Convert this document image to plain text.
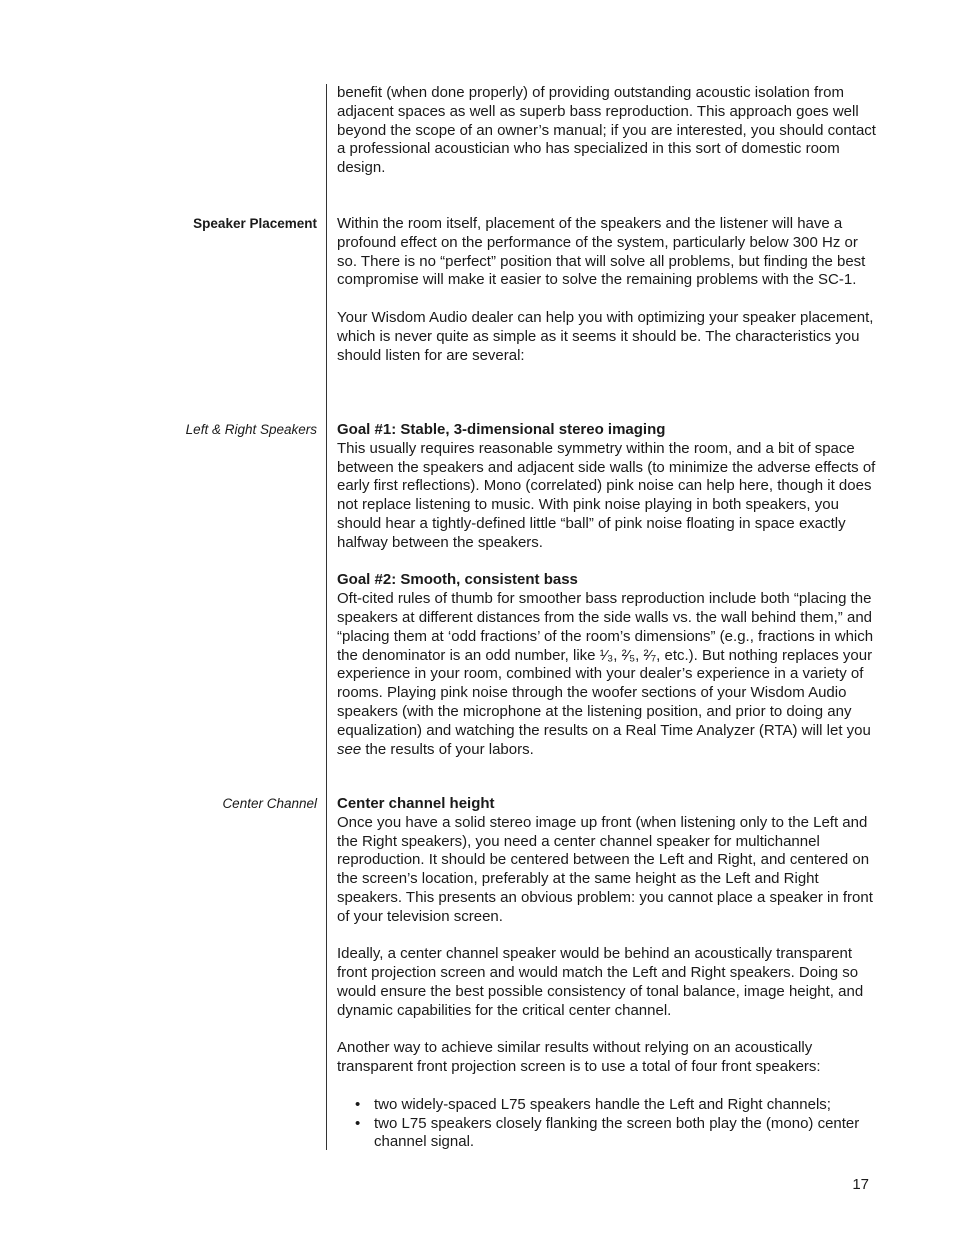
benefit (when done properly) of providing outstanding acoustic isolation from adjacent spaces as well as superb bass reproduction. This approach goes well beyond the scope of an owner’s manual; if you are interested, you should contact a professional acoustician who has specialized in this sort of domestic room design.

Speaker Placement Within the room itself, placement of the speakers and the listener will have a profound effect on the performance of the system, particularly below 300 Hz or so. There is no “perfect” position that will solve all problems, but finding the best compromise will make it easier to solve the remaining problems with the SC-1.

Your Wisdom Audio dealer can help you with optimizing your speaker placement, which is never quite as simple as it seems it should be. The characteristics you should listen for are several:

Left & Right Speakers Goal #1: Stable, 3-dimensional stereo imaging

This usually requires reasonable symmetry within the room, and a bit of space between the speakers and adjacent side walls (to minimize the adverse effects of early first reflections). Mono (correlated) pink noise can help here, though it does not replace listening to music. With pink noise playing in both speakers, you should hear a tightly-defined little “ball” of pink noise floating in space exactly halfway between the speakers.

Goal #2: Smooth, consistent bass

Oft-cited rules of thumb for smoother bass reproduction include both “placing the speakers at different distances from the side walls vs. the wall behind them,” and “placing them at ‘odd fractions’ of the room’s dimensions” (e.g., fractions in which the denominator is an odd number, like ¹⁄₃, ²⁄₅, ²⁄₇, etc.). But nothing replaces your experience in your room, combined with your dealer’s experience in a variety of rooms. Playing pink noise through the woofer sections of your Wisdom Audio speakers (with the microphone at the listening position, and prior to doing any equalization) and watching the results on a Real Time Analyzer (RTA) will let you see the results of your labors.

Center Channel Center channel height

Once you have a solid stereo image up front (when listening only to the Left and the Right speakers), you need a center channel speaker for multichannel reproduction. It should be centered between the Left and Right, and centered on the screen’s location, preferably at the same height as the Left and Right speakers. This presents an obvious problem: you cannot place a speaker in front of your television screen.

Ideally, a center channel speaker would be behind an acoustically transparent front projection screen and would match the Left and Right speakers. Doing so would ensure the best possible consistency of tonal balance, image height, and dynamic capabilities for the critical center channel.

Another way to achieve similar results without relying on an acoustically transparent front projection screen is to use a total of four front speakers:

• two widely-spaced L75 speakers handle the Left and Right channels;
• two L75 speakers closely flanking the screen both play the (mono) center channel signal.
17
